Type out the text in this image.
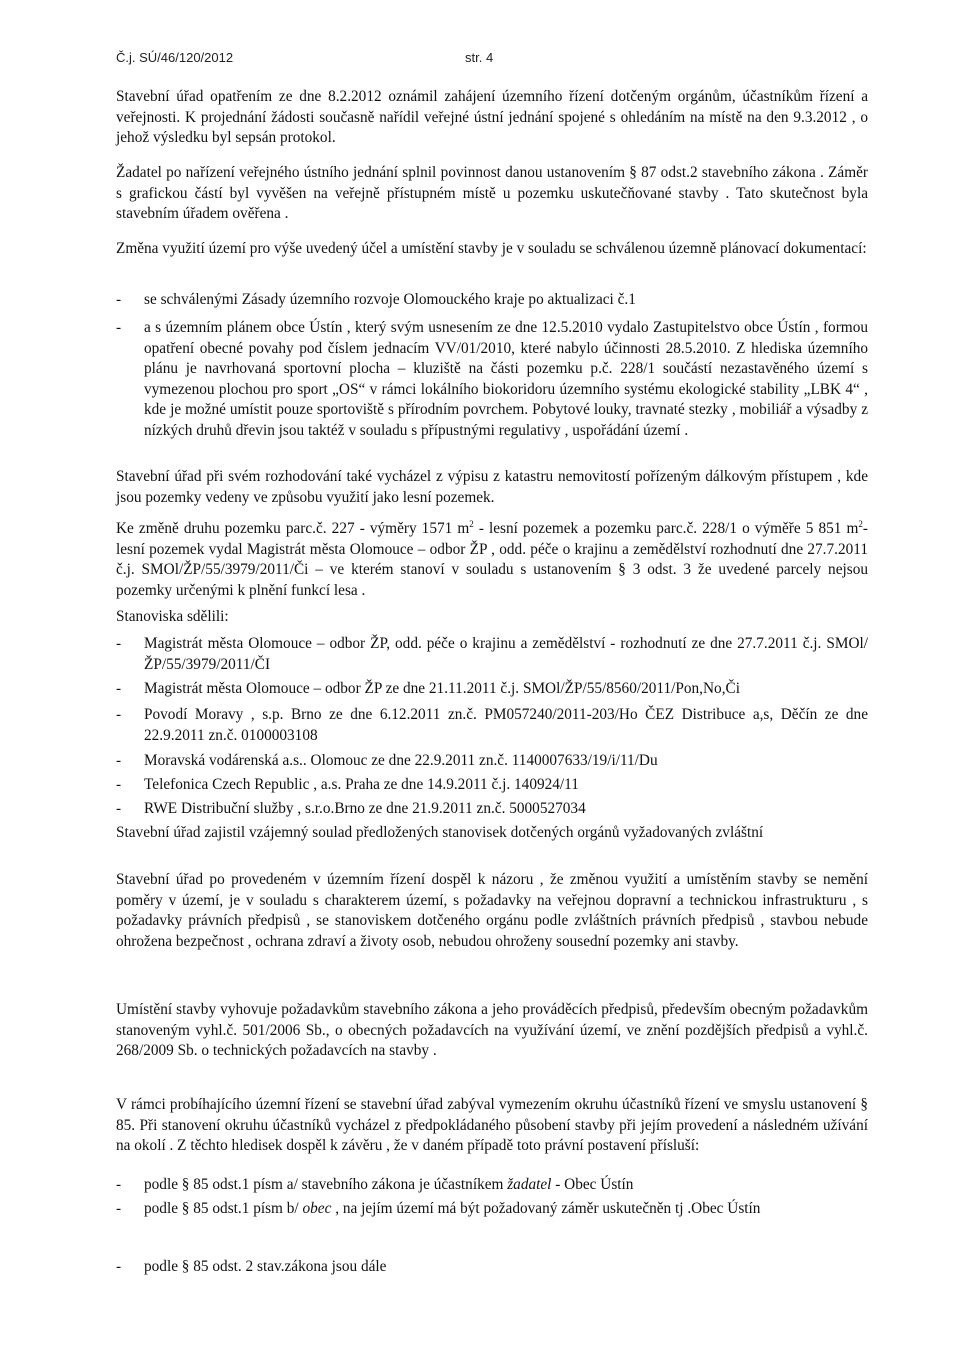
Č.j. SÚ/46/120/2012	str. 4
Stavební úřad opatřením ze dne 8.2.2012 oznámil zahájení územního řízení dotčeným orgánům, účastníkům řízení a veřejnosti. K projednání žádosti současně nařídil veřejné ústní jednání spojené s ohledáním na místě na den 9.3.2012 , o jehož výsledku byl sepsán protokol.
Žadatel po nařízení veřejného ústního jednání splnil povinnost danou ustanovením § 87 odst.2 stavebního zákona . Záměr s grafickou částí byl vyvěšen na veřejně přístupném místě u pozemku uskutečňované stavby . Tato skutečnost byla stavebním úřadem ověřena .
Změna využití území pro výše uvedený účel a umístění stavby je v souladu se schválenou územně plánovací dokumentací:
- se schválenými Zásady územního rozvoje Olomouckého kraje po aktualizaci č.1
- a s územním plánem obce Ústín , který svým usnesením ze dne 12.5.2010 vydalo Zastupitelstvo obce Ústín , formou opatření obecné povahy pod číslem jednacím VV/01/2010, které nabylo účinnosti 28.5.2010. Z hlediska územního plánu je navrhovaná sportovní plocha – kluziště na části pozemku p.č. 228/1 součástí nezastavěného území s vymezenou plochou pro sport „OS“ v rámci lokálního biokoridoru územního systému ekologické stability „LBK 4“ , kde je možné umístit pouze sportoviště s přírodním povrchem. Pobytové louky, travnaté stezky , mobiliář a výsadby z nízkých druhů dřevin jsou taktéž v souladu s přípustnými regulativy , uspořádání území .
Stavební úřad při svém rozhodování také vycházel z výpisu z katastru nemovitostí pořízeným dálkovým přístupem , kde jsou pozemky vedeny ve způsobu využití jako lesní pozemek.
Ke změně druhu pozemku parc.č. 227 - výměry 1571 $m^2$ - lesní pozemek a pozemku parc.č. 228/1 o výměře 5 851 $m^2-$ lesní pozemek vydal Magistrát města Olomouce – odbor ŽP , odd. péče o krajinu a zemědělství rozhodnutí dne 27.7.2011 č.j. SMOl/ŽP/55/3979/2011/Či – ve kterém stanoví v souladu s ustanovením § 3 odst. 3 že uvedené parcely nejsou pozemky určenými k plnění funkcí lesa .
Stanoviska sdělili:
- Magistrát města Olomouce – odbor ŽP, odd. péče o krajinu a zemědělství - rozhodnutí ze dne 27.7.2011 č.j. SMOl/ŽP/55/3979/2011/ČI
- Magistrát města Olomouce – odbor ŽP ze dne 21.11.2011 č.j. SMOl/ŽP/55/8560/2011/Pon,No,Či
- Povodí Moravy , s.p. Brno ze dne 6.12.2011 zn.č. PM057240/2011-203/Ho ČEZ Distribuce a,s, Děčín ze dne 22.9.2011 zn.č. 0100003108
- Moravská vodárenská a.s.. Olomouc ze dne 22.9.2011 zn.č. 1140007633/19/i/11/Du
- Telefonica Czech Republic , a.s. Praha ze dne 14.9.2011 č.j. 140924/11
- RWE Distribuční služby , s.r.o.Brno ze dne 21.9.2011 zn.č. 5000527034
Stavební úřad zajistil vzájemný soulad předložených stanovisek dotčených orgánů vyžadovaných zvláštní
Stavební úřad po provedeném v územním řízení dospěl k názoru , že změnou využití a umístěním stavby se nemění poměry v území, je v souladu s charakterem území, s požadavky na veřejnou dopravní a technickou infrastrukturu , s požadavky právních předpisů , se stanoviskem dotčeného orgánu podle zvláštních právních předpisů , stavbou nebude ohrožena bezpečnost , ochrana zdraví a životy osob, nebudou ohroženy sousední pozemky ani stavby.
Umístění stavby vyhovuje požadavkům stavebního zákona a jeho prováděcích předpisů, především obecným požadavkům stanoveným vyhl.č. 501/2006 Sb., o obecných požadavcích na využívání území, ve znění pozdějších předpisů a vyhl.č. 268/2009 Sb. o technických požadavcích na stavby .
V rámci probíhajícího územní řízení se stavební úřad zabýval vymezením okruhu účastníků řízení ve smyslu ustanovení § 85. Při stanovení okruhu účastníků vycházel z předpokládaného působení stavby při jejím provedení a následném užívání na okolí . Z těchto hledisek dospěl k závěru , že v daném případě toto právní postavení přísluší:
- podle § 85 odst.1 písm a/ stavebního zákona je účastníkem žadatel - Obec Ústín
- podle § 85 odst.1 písm b/ obec , na jejím území má být požadovaný záměr uskutečněn tj .Obec Ústín
- podle § 85 odst. 2 stav.zákona jsou dále
